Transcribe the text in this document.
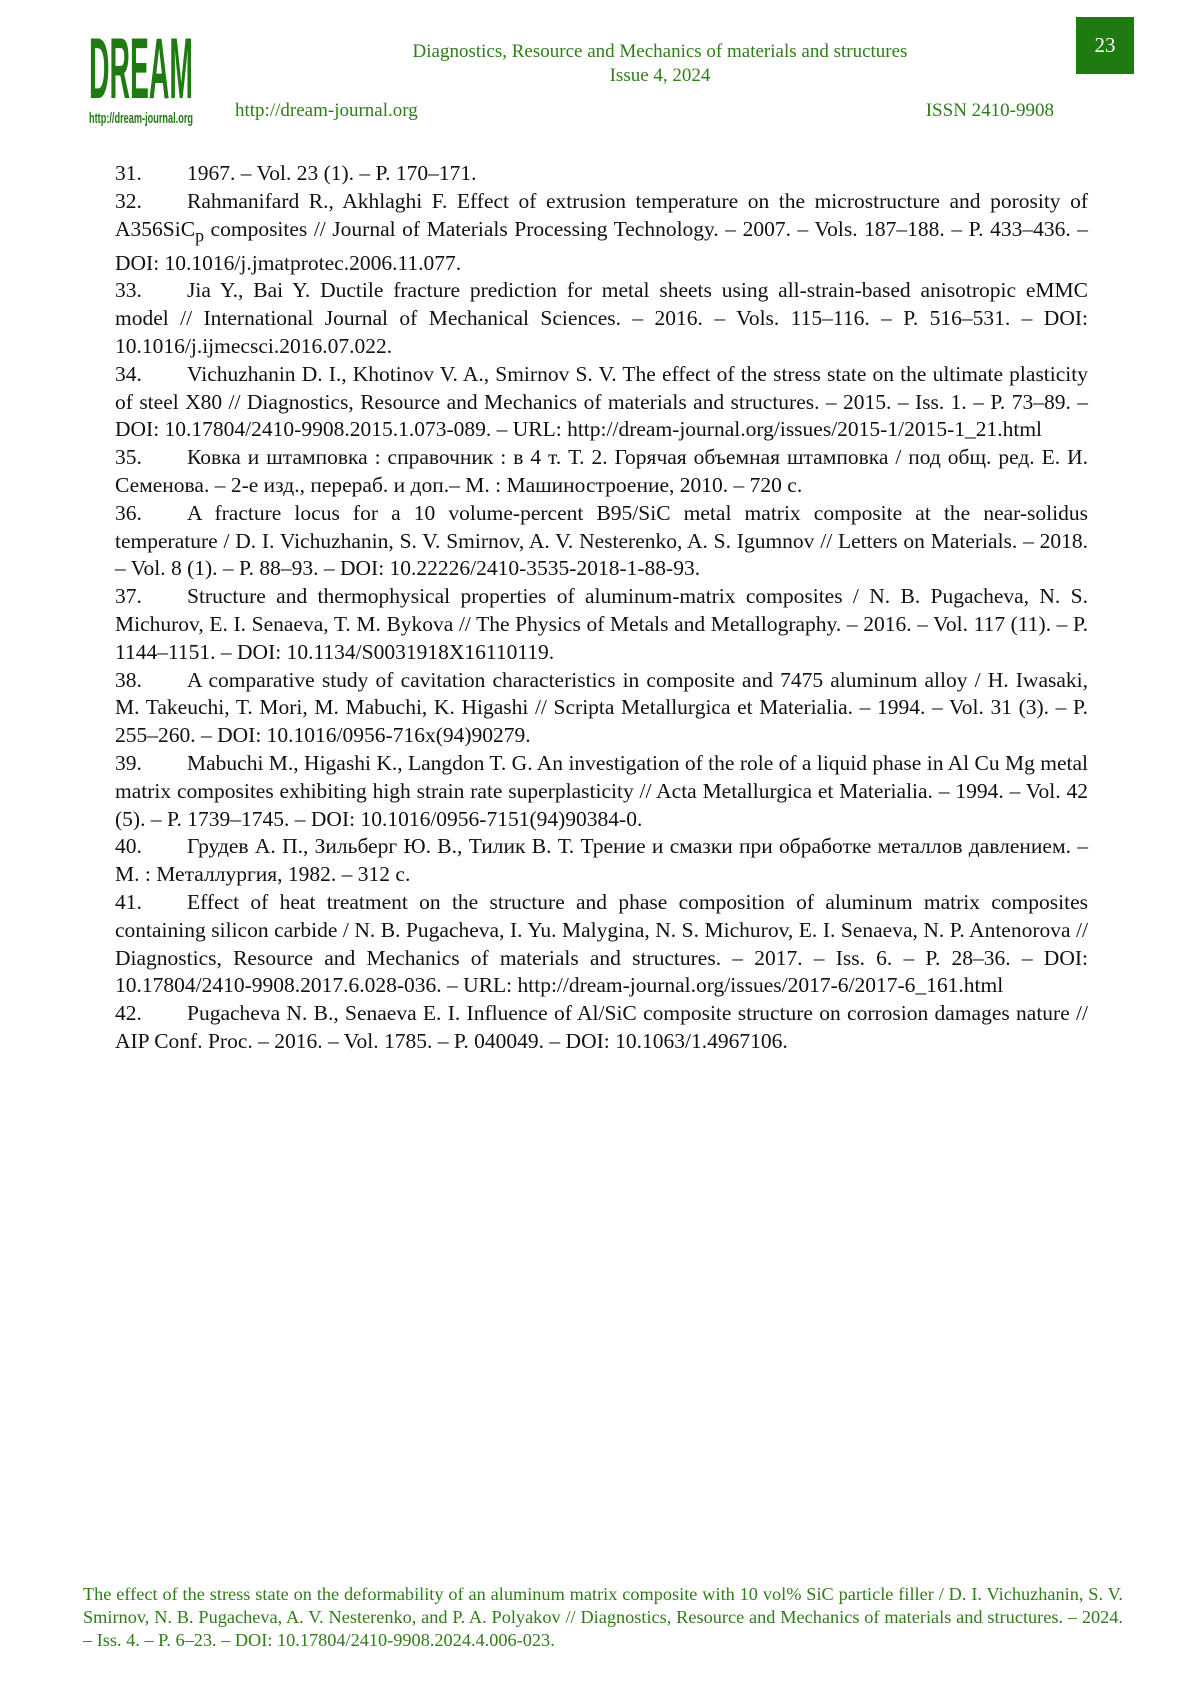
DREAM
http://dream-journal.org
Diagnostics, Resource and Mechanics of materials and structures
Issue 4, 2024
http://dream-journal.org	ISSN 2410-9908
23

31. 1967. – Vol. 23 (1). – P. 170–171.

32. Rahmanifard R., Akhlaghi F. Effect of extrusion temperature on the microstructure and porosity of A356SiCp composites // Journal of Materials Processing Technology. – 2007. – Vols. 187–188. – P. 433–436. – DOI: 10.1016/j.jmatprotec.2006.11.077.

33. Jia Y., Bai Y. Ductile fracture prediction for metal sheets using all-strain-based anisotropic eMMC model // International Journal of Mechanical Sciences. – 2016. – Vols. 115–116. – P. 516–531. – DOI: 10.1016/j.ijmecsci.2016.07.022.

34. Vichuzhanin D. I., Khotinov V. A., Smirnov S. V. The effect of the stress state on the ultimate plasticity of steel X80 // Diagnostics, Resource and Mechanics of materials and structures. – 2015. – Iss. 1. – P. 73–89. – DOI: 10.17804/2410-9908.2015.1.073-089. – URL: http://dream-journal.org/issues/2015-1/2015-1_21.html

35. Ковка и штамповка : справочник : в 4 т. Т. 2. Горячая объемная штамповка / под общ. ред. Е. И. Семенова. – 2-е изд., перераб. и доп.– М. : Машиностроение, 2010. – 720 с.

36. A fracture locus for a 10 volume-percent B95/SiC metal matrix composite at the near-solidus temperature / D. I. Vichuzhanin, S. V. Smirnov, A. V. Nesterenko, A. S. Igumnov // Letters on Materials. – 2018. – Vol. 8 (1). – P. 88–93. – DOI: 10.22226/2410-3535-2018-1-88-93.

37. Structure and thermophysical properties of aluminum-matrix composites / N. B. Pugacheva, N. S. Michurov, E. I. Senaeva, T. M. Bykova // The Physics of Metals and Metallography. – 2016. – Vol. 117 (11). – P. 1144–1151. – DOI: 10.1134/S0031918X16110119.

38. A comparative study of cavitation characteristics in composite and 7475 aluminum alloy / H. Iwasaki, M. Takeuchi, T. Mori, M. Mabuchi, K. Higashi // Scripta Metallurgica et Materialia. – 1994. – Vol. 31 (3). – P. 255–260. – DOI: 10.1016/0956-716x(94)90279.

39. Mabuchi M., Higashi K., Langdon T. G. An investigation of the role of a liquid phase in Al Cu Mg metal matrix composites exhibiting high strain rate superplasticity // Acta Metallurgica et Materialia. – 1994. – Vol. 42 (5). – P. 1739–1745. – DOI: 10.1016/0956-7151(94)90384-0.

40. Грудев А. П., Зильберг Ю. В., Тилик В. Т. Трение и смазки при обработке металлов давлением. – М. : Металлургия, 1982. – 312 с.

41. Effect of heat treatment on the structure and phase composition of aluminum matrix composites containing silicon carbide / N. B. Pugacheva, I. Yu. Malygina, N. S. Michurov, E. I. Senaeva, N. P. Antenorova // Diagnostics, Resource and Mechanics of materials and structures. – 2017. – Iss. 6. – P. 28–36. – DOI: 10.17804/2410-9908.2017.6.028-036. – URL: http://dream-journal.org/issues/2017-6/2017-6_161.html

42. Pugacheva N. B., Senaeva E. I. Influence of Al/SiC composite structure on corrosion damages nature // AIP Conf. Proc. – 2016. – Vol. 1785. – P. 040049. – DOI: 10.1063/1.4967106.

The effect of the stress state on the deformability of an aluminum matrix composite with 10 vol% SiC particle filler / D. I. Vichuzhanin, S. V. Smirnov, N. B. Pugacheva, A. V. Nesterenko, and P. A. Polyakov // Diagnostics, Resource and Mechanics of materials and structures. – 2024. – Iss. 4. – P. 6–23. – DOI: 10.17804/2410-9908.2024.4.006-023.
